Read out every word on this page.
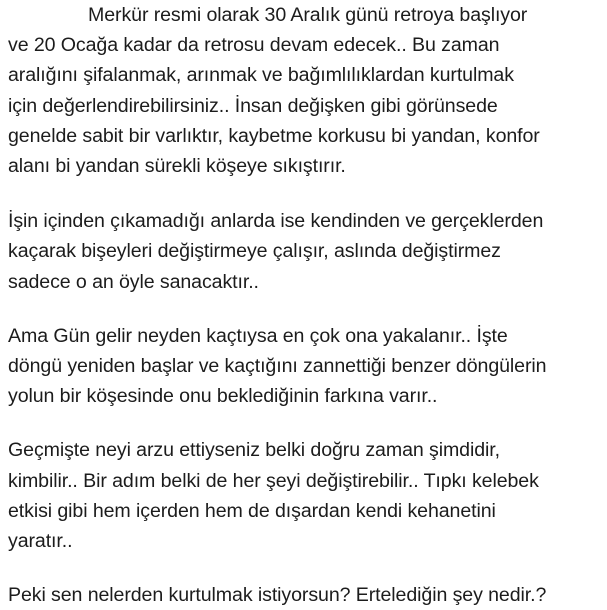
Merkür resmi olarak 30 Aralık günü retroya başlıyor
ve 20 Ocağa kadar da retrosu devam edecek.. Bu zaman
aralığını şifalanmak, arınmak ve bağımlılıklardan kurtulmak
için değerlendirebilirsiniz.. İnsan değişken gibi görünsede
genelde sabit bir varlıktır, kaybetme korkusu bi yandan, konfor
alanı bi yandan sürekli köşeye sıkıştırır.

İşin içinden çıkamadığı anlarda ise kendinden ve gerçeklerden
kaçarak bişeyleri değiştirmeye çalışır, aslında değiştirmez
sadece o an öyle sanacaktır..

Ama Gün gelir neyden kaçtıysa en çok ona yakalanır.. İşte
döngü yeniden başlar ve kaçtığını zannettiği benzer döngülerin
yolun bir köşesinde onu beklediğinin farkına varır..

Geçmişte neyi arzu ettiyseniz belki doğru zaman şimdidir,
kimbilir.. Bir adım belki de her şeyi değiştirebilir.. Tıpkı kelebek
etkisi gibi hem içerden hem de dışardan kendi kehanetini
yaratır..

Peki sen nelerden kurtulmak istiyorsun? Ertelediğin şey nedir.?
